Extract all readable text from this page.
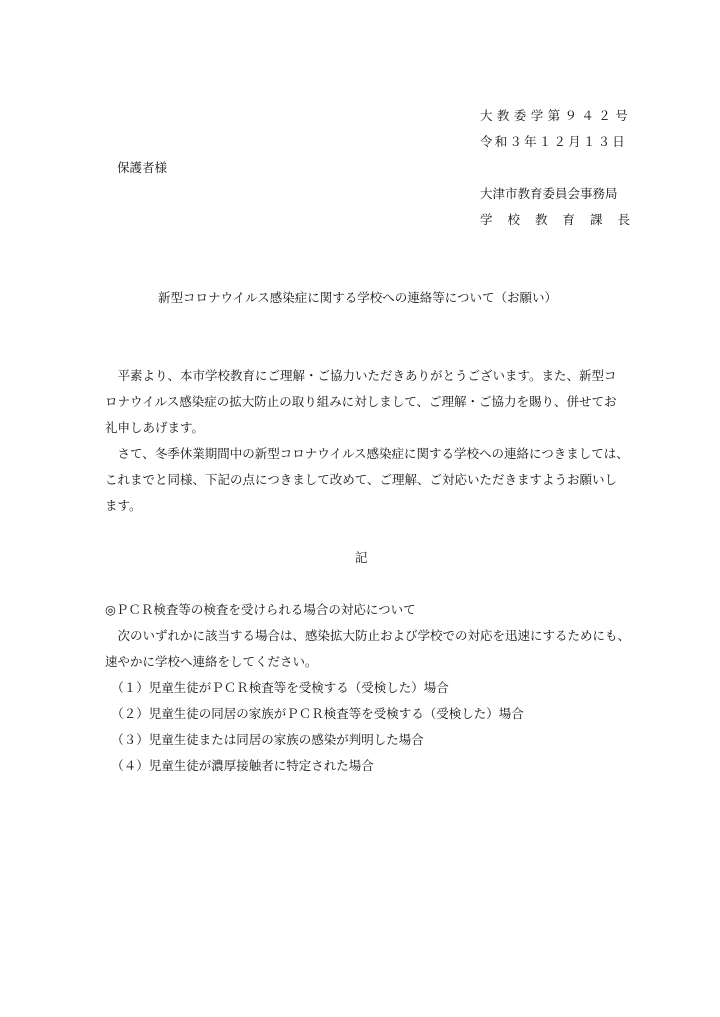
大教委学第９４２号
令和３年１２月１３日
保護者様
大津市教育委員会事務局
学 校 教 育 課 長
新型コロナウイルス感染症に関する学校への連絡等について（お願い）
　平素より、本市学校教育にご理解・ご協力いただきありがとうございます。また、新型コ
ロナウイルス感染症の拡大防止の取り組みに対しまして、ご理解・ご協力を賜り、併せてお
礼申しあげます。
　さて、冬季休業期間中の新型コロナウイルス感染症に関する学校への連絡につきましては、
これまでと同様、下記の点につきまして改めて、ご理解、ご対応いただきますようお願いし
ます。
記
◎ＰＣＲ検査等の検査を受けられる場合の対応について
　次のいずれかに該当する場合は、感染拡大防止および学校での対応を迅速にするためにも、
速やかに学校へ連絡をしてください。
　（１）児童生徒がＰＣＲ検査等を受検する（受検した）場合
　（２）児童生徒の同居の家族がＰＣＲ検査等を受検する（受検した）場合
　（３）児童生徒または同居の家族の感染が判明した場合
　（４）児童生徒が濃厚接触者に特定された場合
